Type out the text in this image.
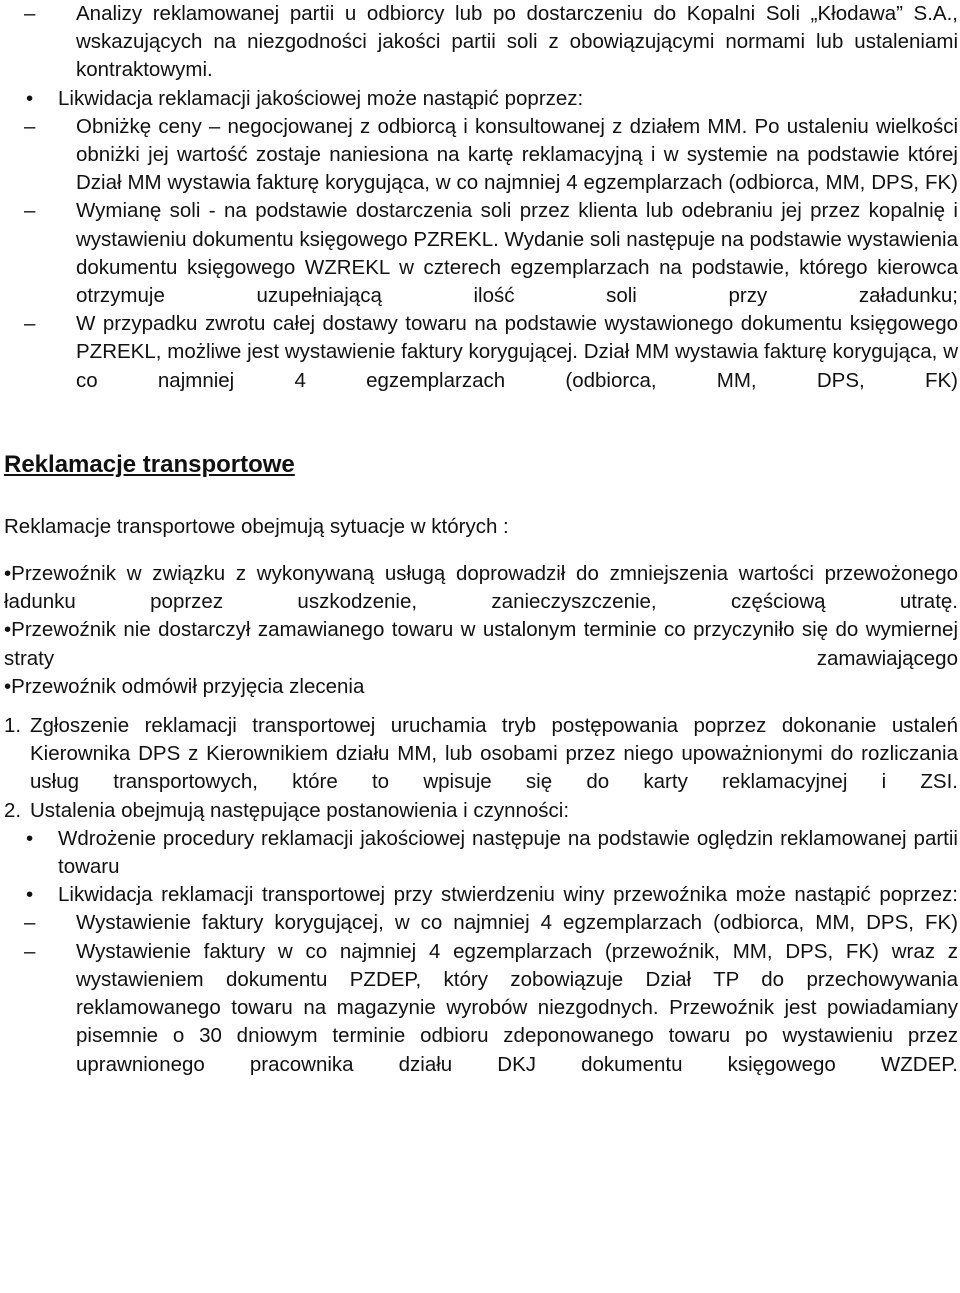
– Analizy reklamowanej partii u odbiorcy lub po dostarczeniu do Kopalni Soli „Kłodawa” S.A., wskazujących na niezgodności jakości partii soli z obowiązującymi normami lub ustaleniami kontraktowymi.
• Likwidacja reklamacji jakościowej może nastąpić poprzez:
– Obniżkę ceny – negocjowanej z odbiorcą i konsultowanej z działem MM. Po ustaleniu wielkości obniżki jej wartość zostaje naniesiona na kartę reklamacyjną i w systemie na podstawie której Dział MM wystawia fakturę korygująca, w co najmniej 4 egzemplarzach (odbiorca, MM, DPS, FK)
– Wymianę soli - na podstawie dostarczenia soli przez klienta lub odebraniu jej przez kopalnię i wystawieniu dokumentu księgowego PZREKL. Wydanie soli następuje na podstawie wystawienia dokumentu księgowego WZREKL w czterech egzemplarzach na podstawie, którego kierowca otrzymuje uzupełniającą ilość soli przy załadunku;
– W przypadku zwrotu całej dostawy towaru na podstawie wystawionego dokumentu księgowego PZREKL, możliwe jest wystawienie faktury korygującej. Dział MM wystawia fakturę korygująca, w co najmniej 4 egzemplarzach (odbiorca, MM, DPS, FK)
Reklamacje transportowe
Reklamacje transportowe obejmują sytuacje w których :
•Przewoźnik w związku z wykonywaną usługą doprowadził do zmniejszenia wartości przewożonego ładunku poprzez uszkodzenie, zanieczyszczenie, częściową utratę.
•Przewoźnik nie dostarczył zamawianego towaru w ustalonym terminie co przyczyniło się do wymiernej straty zamawiającego
•Przewoźnik odmówił przyjęcia zlecenia
1. Zgłoszenie reklamacji transportowej uruchamia tryb postępowania poprzez dokonanie ustaleń Kierownika DPS z Kierownikiem działu MM, lub osobami przez niego upoważnionymi do rozliczania usług transportowych, które to wpisuje się do karty reklamacyjnej i ZSI.
2. Ustalenia obejmują następujące postanowienia i czynności:
• Wdrożenie procedury reklamacji jakościowej następuje na podstawie oględzin reklamowanej partii towaru
• Likwidacja reklamacji transportowej przy stwierdzeniu winy przewoźnika może nastąpić poprzez:
– Wystawienie faktury korygującej, w co najmniej 4 egzemplarzach (odbiorca, MM, DPS, FK)
– Wystawienie faktury w co najmniej 4 egzemplarzach (przewoźnik, MM, DPS, FK) wraz z wystawieniem dokumentu PZDEP, który zobowiązuje Dział TP do przechowywania reklamowanego towaru na magazynie wyrobów niezgodnych. Przewoźnik jest powiadamiany pisemnie o 30 dniowym terminie odbioru zdeponowanego towaru po wystawieniu przez uprawnionego pracownika działu DKJ dokumentu księgowego WZDEP.
